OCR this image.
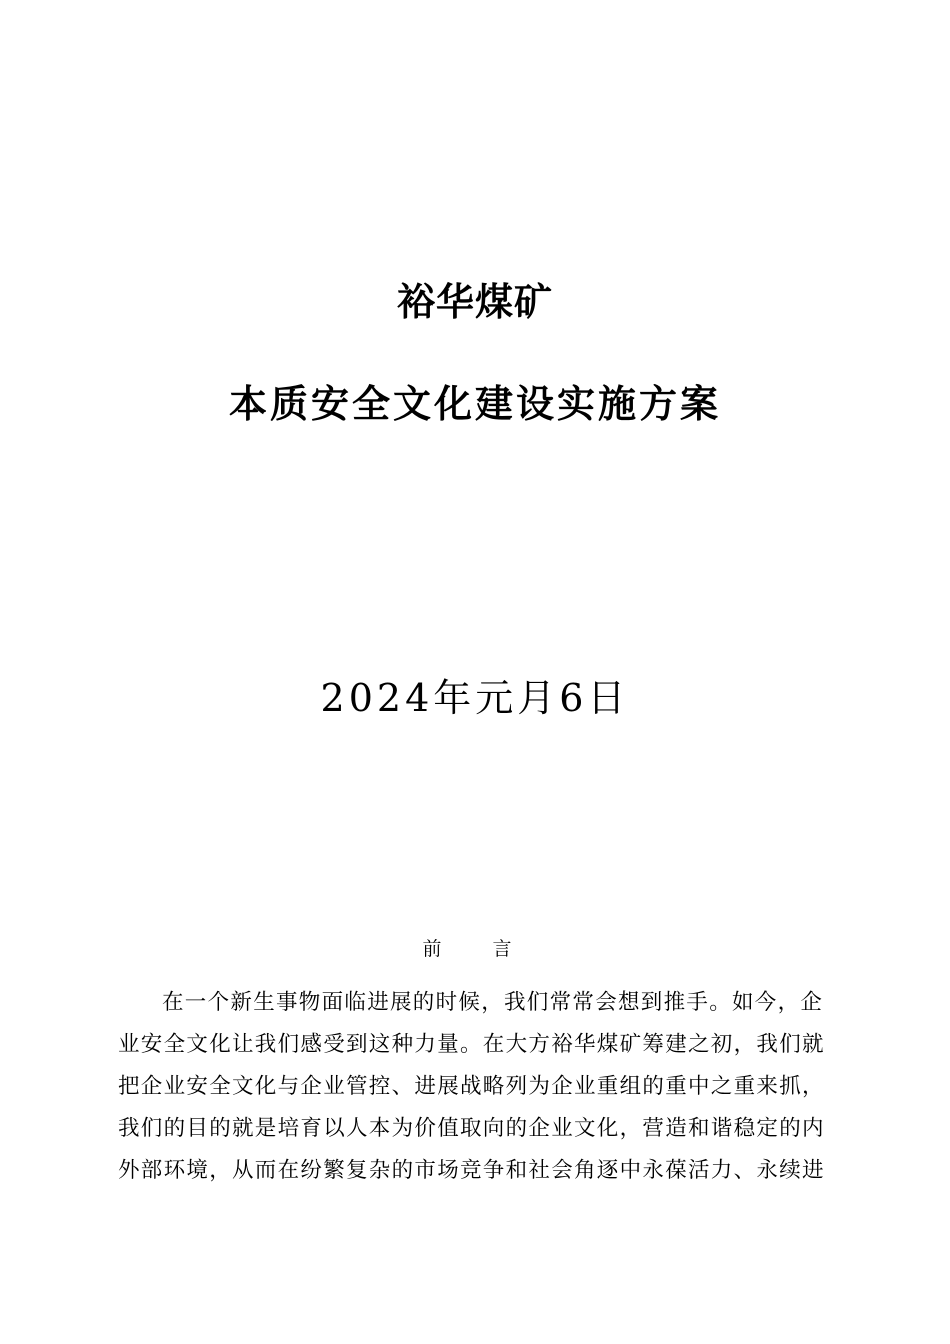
裕华煤矿
本质安全文化建设实施方案
2024年元月6日
前　言
在一个新生事物面临进展的时候，我们常常会想到推手。如今，企
业安全文化让我们感受到这种力量。在大方裕华煤矿筹建之初，我们就
把企业安全文化与企业管控、进展战略列为企业重组的重中之重来抓，
我们的目的就是培育以人本为价值取向的企业文化，营造和谐稳定的内
外部环境，从而在纷繁复杂的市场竞争和社会角逐中永葆活力、永续进
